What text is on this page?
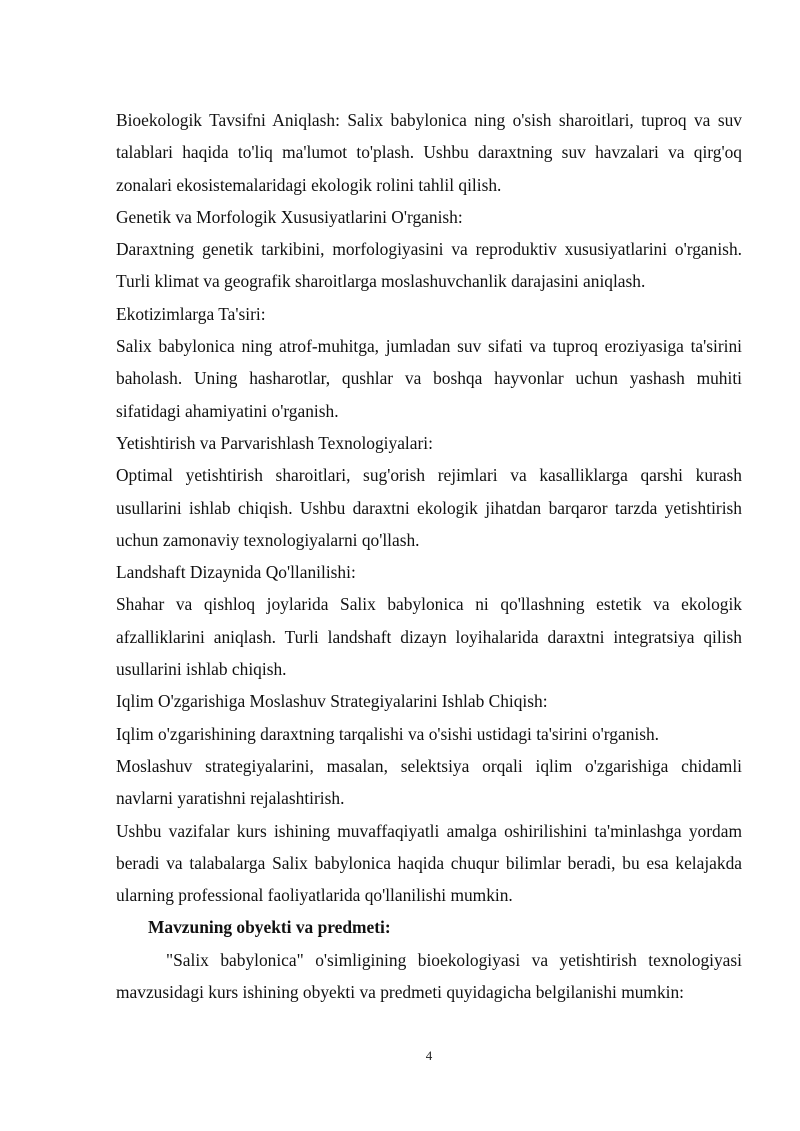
Bioekologik Tavsifni Aniqlash: Salix babylonica ning o'sish sharoitlari, tuproq va suv talablari haqida to'liq ma'lumot to'plash. Ushbu daraxtning suv havzalari va qirg'oq zonalari ekosistemalaridagi ekologik rolini tahlil qilish.

Genetik va Morfologik Xususiyatlarini O'rganish:

Daraxtning genetik tarkibini, morfologiyasini va reproduktiv xususiyatlarini o'rganish. Turli klimat va geografik sharoitlarga moslashuvchanlik darajasini aniqlash.

Ekotizimlarga Ta'siri:

Salix babylonica ning atrof-muhitga, jumladan suv sifati va tuproq eroziyasiga ta'sirini baholash. Uning hasharotlar, qushlar va boshqa hayvonlar uchun yashash muhiti sifatidagi ahamiyatini o'rganish.

Yetishtirish va Parvarishlash Texnologiyalari:

Optimal yetishtirish sharoitlari, sug'orish rejimlari va kasalliklarga qarshi kurash usullarini ishlab chiqish. Ushbu daraxtni ekologik jihatdan barqaror tarzda yetishtirish uchun zamonaviy texnologiyalarni qo'llash.

Landshaft Dizaynida Qo'llanilishi:

Shahar va qishloq joylarida Salix babylonica ni qo'llashning estetik va ekologik afzalliklarini aniqlash. Turli landshaft dizayn loyihalarida daraxtni integratsiya qilish usullarini ishlab chiqish.

Iqlim O'zgarishiga Moslashuv Strategiyalarini Ishlab Chiqish:

Iqlim o'zgarishining daraxtning tarqalishi va o'sishi ustidagi ta'sirini o'rganish.

Moslashuv strategiyalarini, masalan, selektsiya orqali iqlim o'zgarishiga chidamli navlarni yaratishni rejalashtirish.

Ushbu vazifalar kurs ishining muvaffaqiyatli amalga oshirilishini ta'minlashga yordam beradi va talabalarga Salix babylonica haqida chuqur bilimlar beradi, bu esa kelajakda ularning professional faoliyatlarida qo'llanilishi mumkin.

Mavzuning obyekti va predmeti:

"Salix babylonica" o'simligining bioekologiyasi va yetishtirish texnologiyasi mavzusidagi kurs ishining obyekti va predmeti quyidagicha belgilanishi mumkin:

4
